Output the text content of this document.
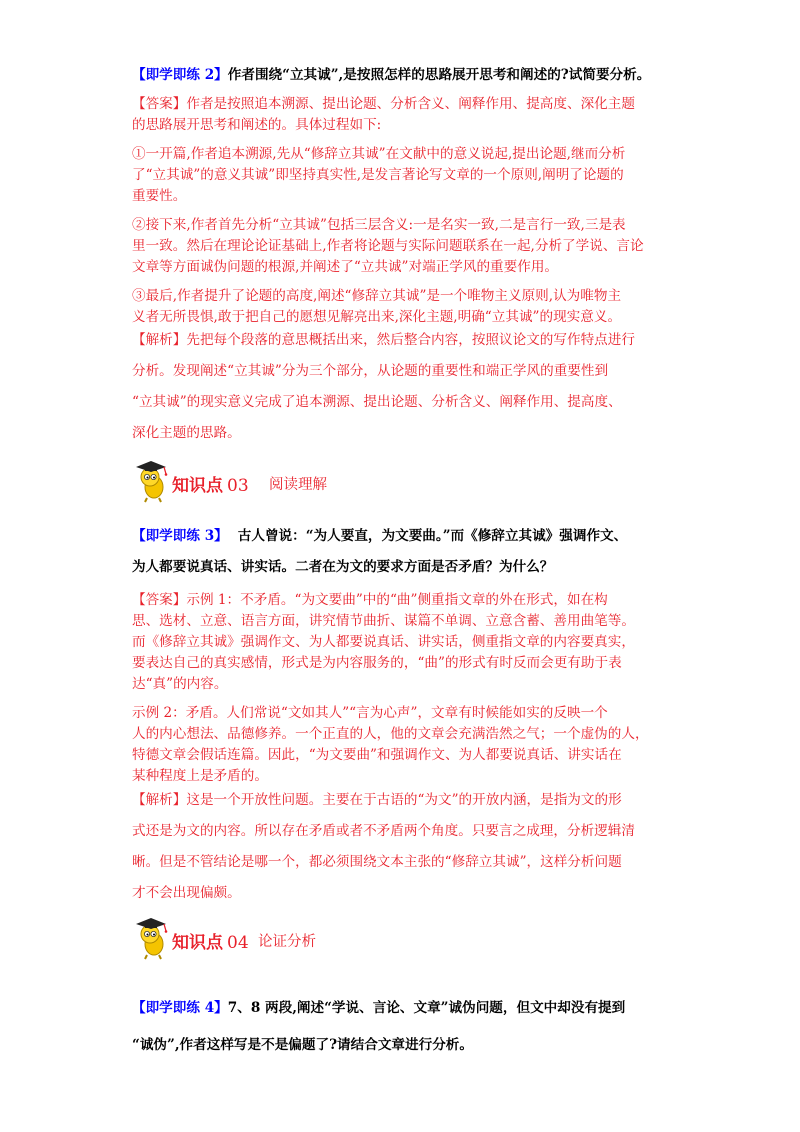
【即学即练 2】作者围绕“立其诚”,是按照怎样的思路展开思考和阐述的?试简要分析。
【答案】作者是按照追本溯源、提出论题、分析含义、阐释作用、提高度、深化主题
的思路展开思考和阐述的。具体过程如下:
①一开篇,作者追本溯源,先从“修辞立其诚”在文献中的意义说起,提出论题,继而分析
了“立其诚”的意义其诚”即坚持真实性,是发言著论写文章的一个原则,阐明了论题的
重要性。
②接下来,作者首先分析“立其诚”包括三层含义:一是名实一致,二是言行一致,三是表
里一致。然后在理论论证基础上,作者将论题与实际问题联系在一起,分析了学说、言论
文章等方面诚伪问题的根源,并阐述了“立共诚”对端正学风的重要作用。
③最后,作者提升了论题的高度,阐述“修辞立其诚”是一个唯物主义原则,认为唯物主
义者无所畏惧,敢于把自己的愿想见解亮出来,深化主题,明确“立其诚”的现实意义。
【解析】先把每个段落的意思概括出来，然后整合内容，按照议论文的写作特点进行
分析。发现阐述“立其诚”分为三个部分，从论题的重要性和端正学风的重要性到
“立其诚”的现实意义完成了追本溯源、提出论题、分析含义、阐释作用、提高度、
深化主题的思路。
知识点 03 阅读理解
【即学即练 3】 古人曾说：“为人要直，为文要曲。”而《修辞立其诚》强调作文、
为人都要说真话、讲实话。二者在为文的要求方面是否矛盾？为什么？
【答案】示例 1：不矛盾。“为文要曲”中的“曲”侧重指文章的外在形式，如在构
思、选材、立意、语言方面，讲究情节曲折、谋篇不单调、立意含蓄、善用曲笔等。
而《修辞立其诚》强调作文、为人都要说真话、讲实话，侧重指文章的内容要真实，
要表达自己的真实感情，形式是为内容服务的，“曲”的形式有时反而会更有助于表
达“真”的内容。
示例 2：矛盾。人们常说“文如其人”“言为心声”，文章有时候能如实的反映一个
人的内心想法、品德修养。一个正直的人，他的文章会充满浩然之气；一个虚伪的人，
特德文章会假话连篇。因此，“为文要曲”和强调作文、为人都要说真话、讲实话在
某种程度上是矛盾的。
【解析】这是一个开放性问题。主要在于古语的“为文”的开放内涵，是指为文的形
式还是为文的内容。所以存在矛盾或者不矛盾两个角度。只要言之成理，分析逻辑清
晰。但是不管结论是哪一个，都必须围绕文本主张的“修辞立其诚”，这样分析问题
才不会出现偏颇。
知识点 04 论证分析
【即学即练 4】7、8 两段,阐述“学说、言论、文章”诚伪问题，但文中却没有提到
“诚伪”,作者这样写是不是偏题了?请结合文章进行分析。
